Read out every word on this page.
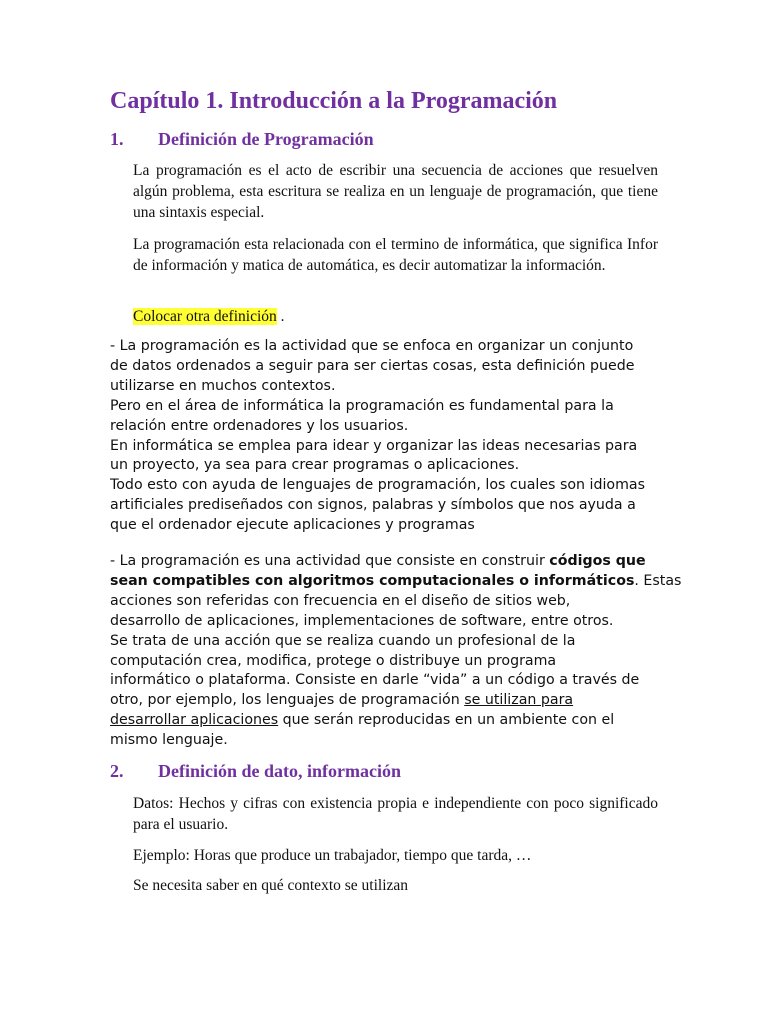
Capítulo 1. Introducción a la Programación
1. Definición de Programación

La programación es el acto de escribir una secuencia de acciones que resuelven algún problema, esta escritura se realiza en un lenguaje de programación, que tiene una sintaxis especial.

La programación esta relacionada con el termino de informática, que significa Infor de información y matica de automática, es decir automatizar la información.

Colocar otra definición .

- La programación es la actividad que se enfoca en organizar un conjunto
de datos ordenados a seguir para ser ciertas cosas, esta definición puede
utilizarse en muchos contextos.
Pero en el área de informática la programación es fundamental para la
relación entre ordenadores y los usuarios.
En informática se emplea para idear y organizar las ideas necesarias para
un proyecto, ya sea para crear programas o aplicaciones.
Todo esto con ayuda de lenguajes de programación, los cuales son idiomas
artificiales prediseñados con signos, palabras y símbolos que nos ayuda a
que el ordenador ejecute aplicaciones y programas
- La programación es una actividad que consiste en construir códigos que
sean compatibles con algoritmos computacionales o informáticos. Estas
acciones son referidas con frecuencia en el diseño de sitios web,
desarrollo de aplicaciones, implementaciones de software, entre otros.
Se trata de una acción que se realiza cuando un profesional de la
computación crea, modifica, protege o distribuye un programa
informático o plataforma. Consiste en darle “vida” a un código a través de
otro, por ejemplo, los lenguajes de programación se utilizan para
desarrollar aplicaciones que serán reproducidas en un ambiente con el
mismo lenguaje.
2. Definición de dato, información

Datos: Hechos y cifras con existencia propia e independiente con poco significado para el usuario.

Ejemplo: Horas que produce un trabajador, tiempo que tarda, …

Se necesita saber en qué contexto se utilizan
